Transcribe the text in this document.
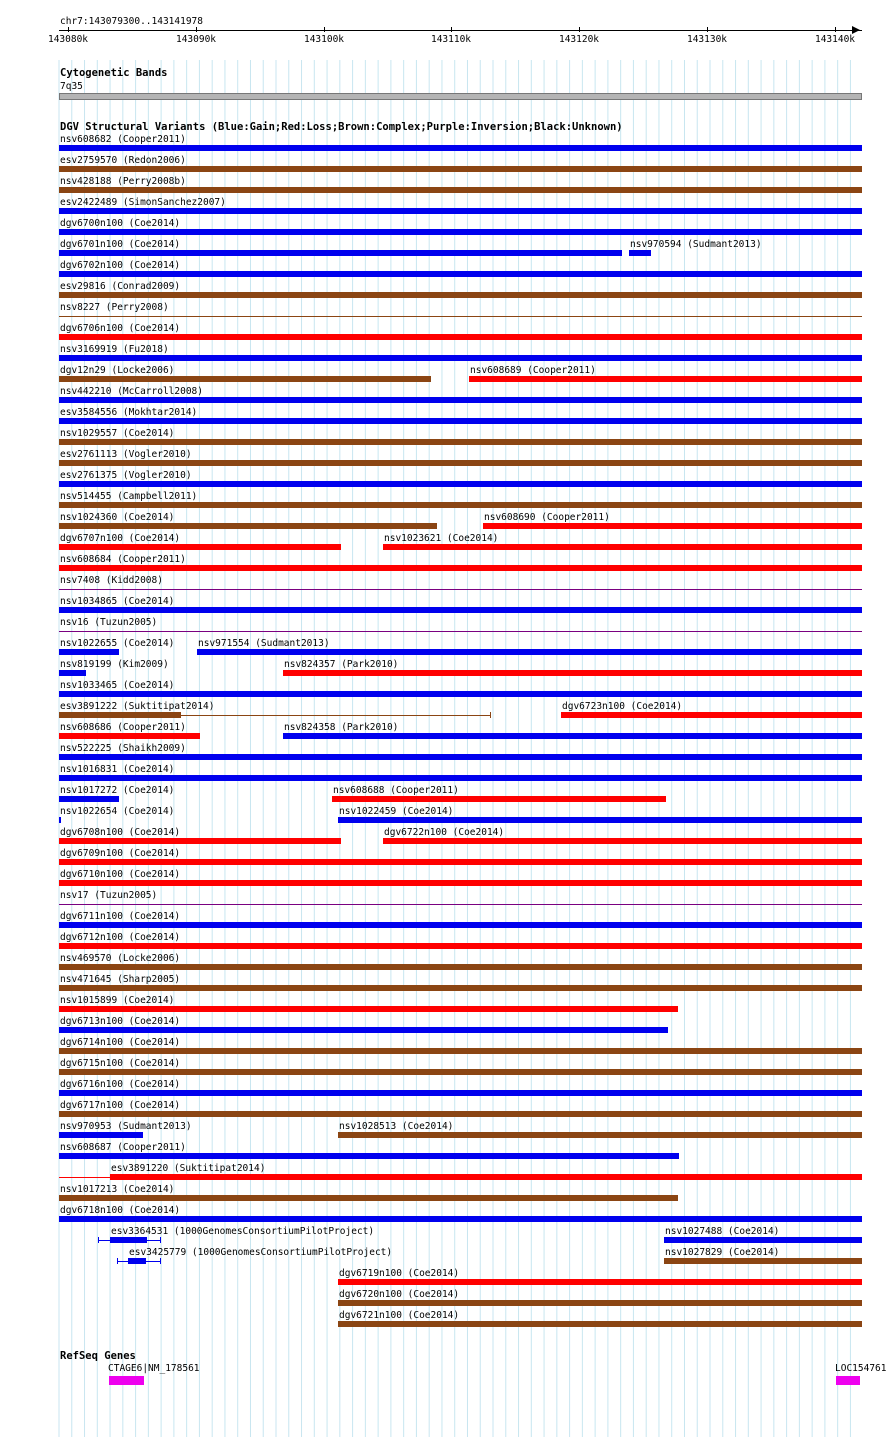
chr7:143079300..143141978
143080k	143090k	143100k	143110k	143120k	143130k	143140k
Cytogenetic Bands
7q35
DGV Structural Variants (Blue:Gain;Red:Loss;Brown:Complex;Purple:Inversion;Black:Unknown)
nsv608682 (Cooper2011)
esv2759570 (Redon2006)
nsv428188 (Perry2008b)
esv2422489 (SimonSanchez2007)
dgv6700n100 (Coe2014)
dgv6701n100 (Coe2014)	nsv970594 (Sudmant2013)
dgv6702n100 (Coe2014)
esv29816 (Conrad2009)
nsv8227 (Perry2008)
dgv6706n100 (Coe2014)
nsv3169919 (Fu2018)
dgv12n29 (Locke2006)	nsv608689 (Cooper2011)
nsv442210 (McCarroll2008)
esv3584556 (Mokhtar2014)
nsv1029557 (Coe2014)
esv2761113 (Vogler2010)
esv2761375 (Vogler2010)
nsv514455 (Campbell2011)
nsv1024360 (Coe2014)	nsv608690 (Cooper2011)
dgv6707n100 (Coe2014)	nsv1023621 (Coe2014)
nsv608684 (Cooper2011)
nsv7408 (Kidd2008)
nsv1034865 (Coe2014)
nsv16 (Tuzun2005)
nsv1022655 (Coe2014) nsv971554 (Sudmant2013)
nsv819199 (Kim2009)	nsv824357 (Park2010)
nsv1033465 (Coe2014)
esv3891222 (Suktitipat2014)	dgv6723n100 (Coe2014)
nsv608686 (Cooper2011)	nsv824358 (Park2010)
nsv522225 (Shaikh2009)
nsv1016831 (Coe2014)
nsv1017272 (Coe2014)	nsv608688 (Cooper2011)
nsv1022654 (Coe2014)	nsv1022459 (Coe2014)
dgv6708n100 (Coe2014)	dgv6722n100 (Coe2014)
dgv6709n100 (Coe2014)
dgv6710n100 (Coe2014)
nsv17 (Tuzun2005)
dgv6711n100 (Coe2014)
dgv6712n100 (Coe2014)
nsv469570 (Locke2006)
nsv471645 (Sharp2005)
nsv1015899 (Coe2014)
dgv6713n100 (Coe2014)
dgv6714n100 (Coe2014)
dgv6715n100 (Coe2014)
dgv6716n100 (Coe2014)
dgv6717n100 (Coe2014)
nsv970953 (Sudmant2013)	nsv1028513 (Coe2014)
nsv608687 (Cooper2011)
esv3891220 (Suktitipat2014)
nsv1017213 (Coe2014)
dgv6718n100 (Coe2014)
esv3364531 (1000GenomesConsortiumPilotProject)	nsv1027488 (Coe2014)
esv3425779 (1000GenomesConsortiumPilotProject)	nsv1027829 (Coe2014)
dgv6719n100 (Coe2014)
dgv6720n100 (Coe2014)
dgv6721n100 (Coe2014)
RefSeq Genes
CTAGE6|NM_178561	LOC154761
